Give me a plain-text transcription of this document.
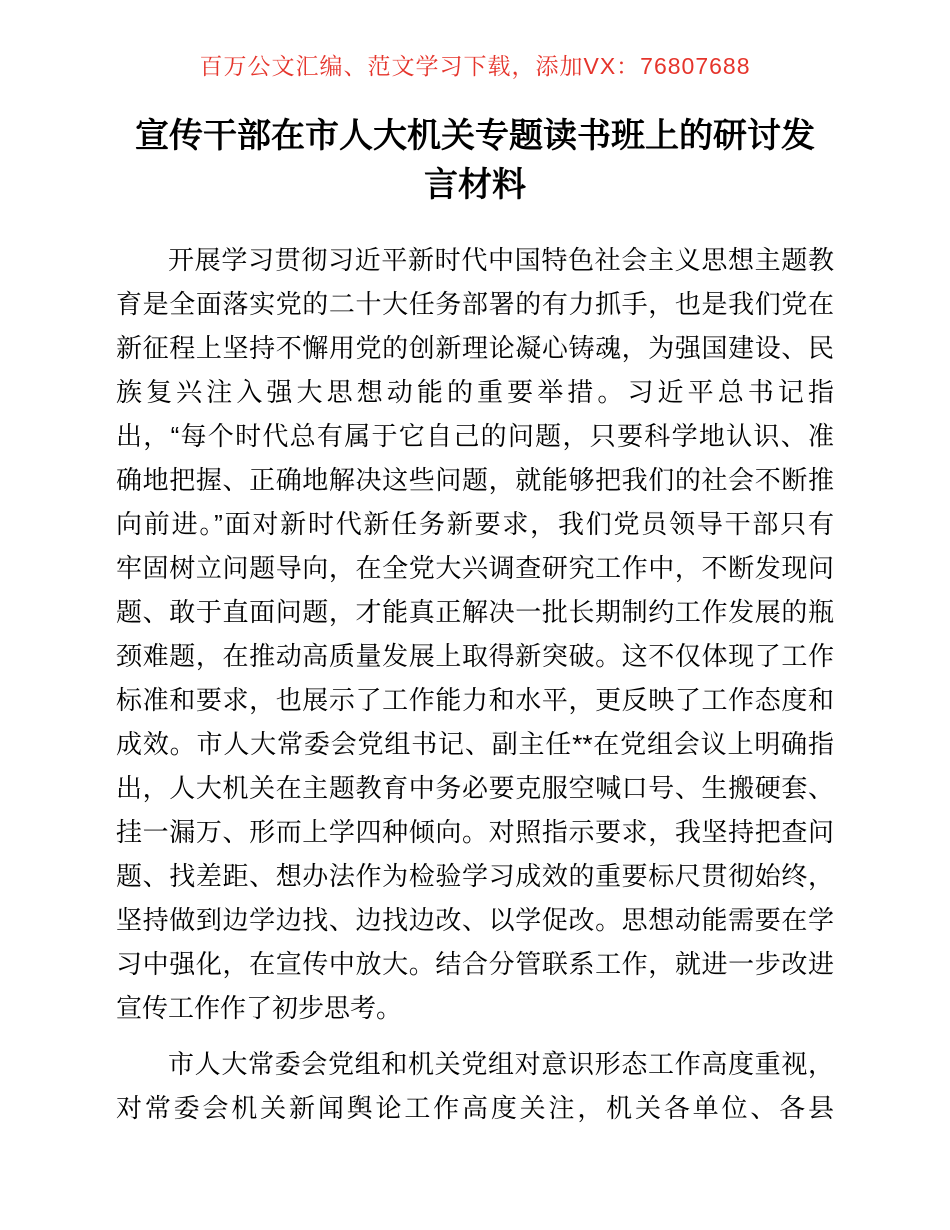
百万公文汇编、范文学习下载，添加VX：76807688
宣传干部在市人大机关专题读书班上的研讨发
言材料
开展学习贯彻习近平新时代中国特色社会主义思想主题教
育是全面落实党的二十大任务部署的有力抓手，也是我们党在
新征程上坚持不懈用党的创新理论凝心铸魂，为强国建设、民
族复兴注入强大思想动能的重要举措。习近平总书记指
出，“每个时代总有属于它自己的问题，只要科学地认识、准
确地把握、正确地解决这些问题，就能够把我们的社会不断推
向前进。”面对新时代新任务新要求，我们党员领导干部只有
牢固树立问题导向，在全党大兴调查研究工作中，不断发现问
题、敢于直面问题，才能真正解决一批长期制约工作发展的瓶
颈难题，在推动高质量发展上取得新突破。这不仅体现了工作
标准和要求，也展示了工作能力和水平，更反映了工作态度和
成效。市人大常委会党组书记、副主任**在党组会议上明确指
出，人大机关在主题教育中务必要克服空喊口号、生搬硬套、
挂一漏万、形而上学四种倾向。对照指示要求，我坚持把查问
题、找差距、想办法作为检验学习成效的重要标尺贯彻始终，
坚持做到边学边找、边找边改、以学促改。思想动能需要在学
习中强化，在宣传中放大。结合分管联系工作，就进一步改进
宣传工作作了初步思考。
市人大常委会党组和机关党组对意识形态工作高度重视，
对常委会机关新闻舆论工作高度关注，机关各单位、各县
